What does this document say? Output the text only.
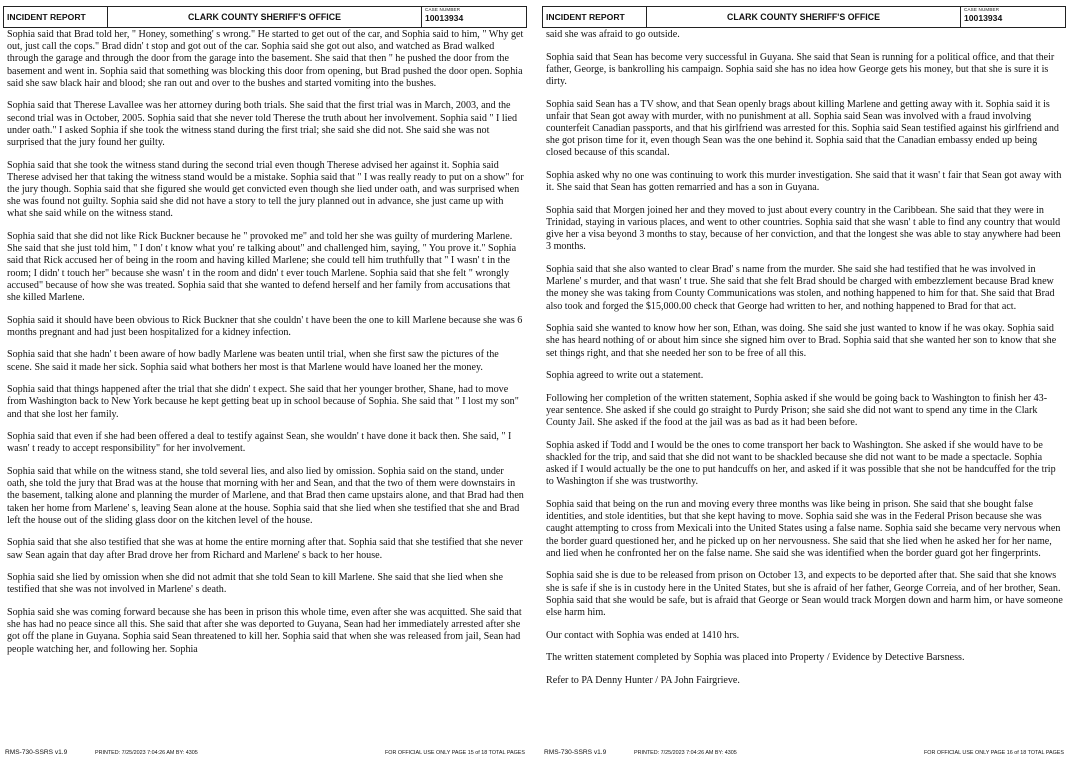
INCIDENT REPORT	CLARK COUNTY SHERIFF'S OFFICE
CASE NUMBER
10013934

Sophia said that Brad told her, " Honey, something' s wrong." He started to get out of the car, and Sophia said to him, " Why get out, just call the cops." Brad didn' t stop and got out of the car. Sophia said she got out also, and watched as Brad walked through the garage and through the door from the garage into the basement. She said that then " he pushed the door from the basement and went in. Sophia said that something was blocking this door from opening, but Brad pushed the door open. Sophia said she saw black hair and blood; she ran out and over to the bushes and started vomiting into the bushes.

Sophia said that Therese Lavallee was her attorney during both trials. She said that the first trial was in March, 2003, and the second trial was in October, 2005. Sophia said that she never told Therese the truth about her involvement. Sophia said " I lied under oath." I asked Sophia if she took the witness stand during the first trial; she said she did not. She said she was not surprised that the jury found her guilty.

Sophia said that she took the witness stand during the second trial even though Therese advised her against it. Sophia said Therese advised her that taking the witness stand would be a mistake. Sophia said that " I was really ready to put on a show" for the jury though. Sophia said that she figured she would get convicted even though she lied under oath, and was surprised when she was found not guilty. Sophia said she did not have a story to tell the jury planned out in advance, she just came up with what she said while on the witness stand.

Sophia said that she did not like Rick Buckner because he " provoked me" and told her she was guilty of murdering Marlene. She said that she just told him, " I don' t know what you' re talking about" and challenged him, saying, " You prove it." Sophia said that Rick accused her of being in the room and having killed Marlene; she could tell him truthfully that " I wasn' t in the room; I didn' t touch her" because she wasn' t in the room and didn' t ever touch Marlene. Sophia said that she felt " wrongly accused" because of how she was treated. Sophia said that she wanted to defend herself and her family from accusations that she killed Marlene.

Sophia said it should have been obvious to Rick Buckner that she couldn' t have been the one to kill Marlene because she was 6 months pregnant and had just been hospitalized for a kidney infection.

Sophia said that she hadn' t been aware of how badly Marlene was beaten until trial, when she first saw the pictures of the scene. She said it made her sick. Sophia said what bothers her most is that Marlene would have loaned her the money.

Sophia said that things happened after the trial that she didn' t expect. She said that her younger brother, Shane, had to move from Washington back to New York because he kept getting beat up in school because of Sophia. She said that " I lost my son" and that she lost her family.

Sophia said that even if she had been offered a deal to testify against Sean, she wouldn' t have done it back then. She said, " I wasn' t ready to accept responsibility" for her involvement.

Sophia said that while on the witness stand, she told several lies, and also lied by omission. Sophia said on the stand, under oath, she told the jury that Brad was at the house that morning with her and Sean, and that the two of them were downstairs in the basement, talking alone and planning the murder of Marlene, and that Brad then came upstairs alone, and that Brad had then taken her home from Marlene' s, leaving Sean alone at the house. Sophia said that she lied when she testified that she and Brad left the house out of the sliding glass door on the kitchen level of the house.

Sophia said that she also testified that she was at home the entire morning after that. Sophia said that she testified that she never saw Sean again that day after Brad drove her from Richard and Marlene' s back to her house.

Sophia said she lied by omission when she did not admit that she told Sean to kill Marlene. She said that she lied when she testified that she was not involved in Marlene' s death.

Sophia said she was coming forward because she has been in prison this whole time, even after she was acquitted. She said that she has had no peace since all this. She said that after she was deported to Guyana, Sean had her immediately arrested after she got off the plane in Guyana. Sophia said Sean threatened to kill her. Sophia said that when she was released from jail, Sean had people watching her, and following her. Sophia

RMS-730-SSRS v1.9	PRINTED: 7/25/2023 7:04:26 AM BY: 4305	FOR OFFICIAL USE ONLY PAGE 15 of 18 TOTAL PAGES
INCIDENT REPORT	CLARK COUNTY SHERIFF'S OFFICE
CASE NUMBER
10013934

said she was afraid to go outside.

Sophia said that Sean has become very successful in Guyana. She said that Sean is running for a political office, and that their father, George, is bankrolling his campaign. Sophia said she has no idea how George gets his money, but that she is sure it is dirty.

Sophia said Sean has a TV show, and that Sean openly brags about killing Marlene and getting away with it. Sophia said it is unfair that Sean got away with murder, with no punishment at all. Sophia said Sean was involved with a fraud involving counterfeit Canadian passports, and that his girlfriend was arrested for this. Sophia said Sean testified against his girlfriend and she got prison time for it, even though Sean was the one behind it. Sophia said that the Canadian embassy ended up being closed because of this scandal.

Sophia asked why no one was continuing to work this murder investigation. She said that it wasn' t fair that Sean got away with it. She said that Sean has gotten remarried and has a son in Guyana.

Sophia said that Morgen joined her and they moved to just about every country in the Caribbean. She said that they were in Trinidad, staying in various places, and went to other countries. Sophia said that she wasn' t able to find any country that would give her a visa beyond 3 months to stay, because of her conviction, and that the longest she was able to stay anywhere had been 3 months.

Sophia said that she also wanted to clear Brad' s name from the murder. She said she had testified that he was involved in Marlene' s murder, and that wasn' t true. She said that she felt Brad should be charged with embezzlement because Brad knew the money she was taking from County Communications was stolen, and nothing happened to him for that. She said that Brad also took and forged the $15,000.00 check that George had written to her, and nothing happened to Brad for that act.

Sophia said she wanted to know how her son, Ethan, was doing. She said she just wanted to know if he was okay. Sophia said she has heard nothing of or about him since she signed him over to Brad. Sophia said that she wanted her son to know that she set things right, and that she needed her son to be free of all this.

Sophia agreed to write out a statement.

Following her completion of the written statement, Sophia asked if she would be going back to Washington to finish her 43-year sentence. She asked if she could go straight to Purdy Prison; she said she did not want to spend any time in the Clark County Jail. She asked if the food at the jail was as bad as it had been before.

Sophia asked if Todd and I would be the ones to come transport her back to Washington. She asked if she would have to be shackled for the trip, and said that she did not want to be shackled because she did not want to be made a spectacle. Sophia asked if I would actually be the one to put handcuffs on her, and asked if it was possible that she not be handcuffed for the trip to Washington if she was trustworthy.

Sophia said that being on the run and moving every three months was like being in prison. She said that she bought false identities, and stole identities, but that she kept having to move. Sophia said she was in the Federal Prison because she was caught attempting to cross from Mexicali into the United States using a false name. Sophia said she became very nervous when the border guard questioned her, and he picked up on her nervousness. She said that she lied when he asked her for her name, and lied when he confronted her on the false name. She said she was identified when the border guard got her fingerprints.

Sophia said she is due to be released from prison on October 13, and expects to be deported after that. She said that she knows she is safe if she is in custody here in the United States, but she is afraid of her father, George Correia, and of her brother, Sean. Sophia said that she would be safe, but is afraid that George or Sean would track Morgen down and harm him, or have someone else harm him.

Our contact with Sophia was ended at 1410 hrs.

The written statement completed by Sophia was placed into Property / Evidence by Detective Barsness.

Refer to PA Denny Hunter / PA John Fairgrieve.

RMS-730-SSRS v1.9	PRINTED: 7/25/2023 7:04:26 AM BY: 4305	FOR OFFICIAL USE ONLY PAGE 16 of 18 TOTAL PAGES
